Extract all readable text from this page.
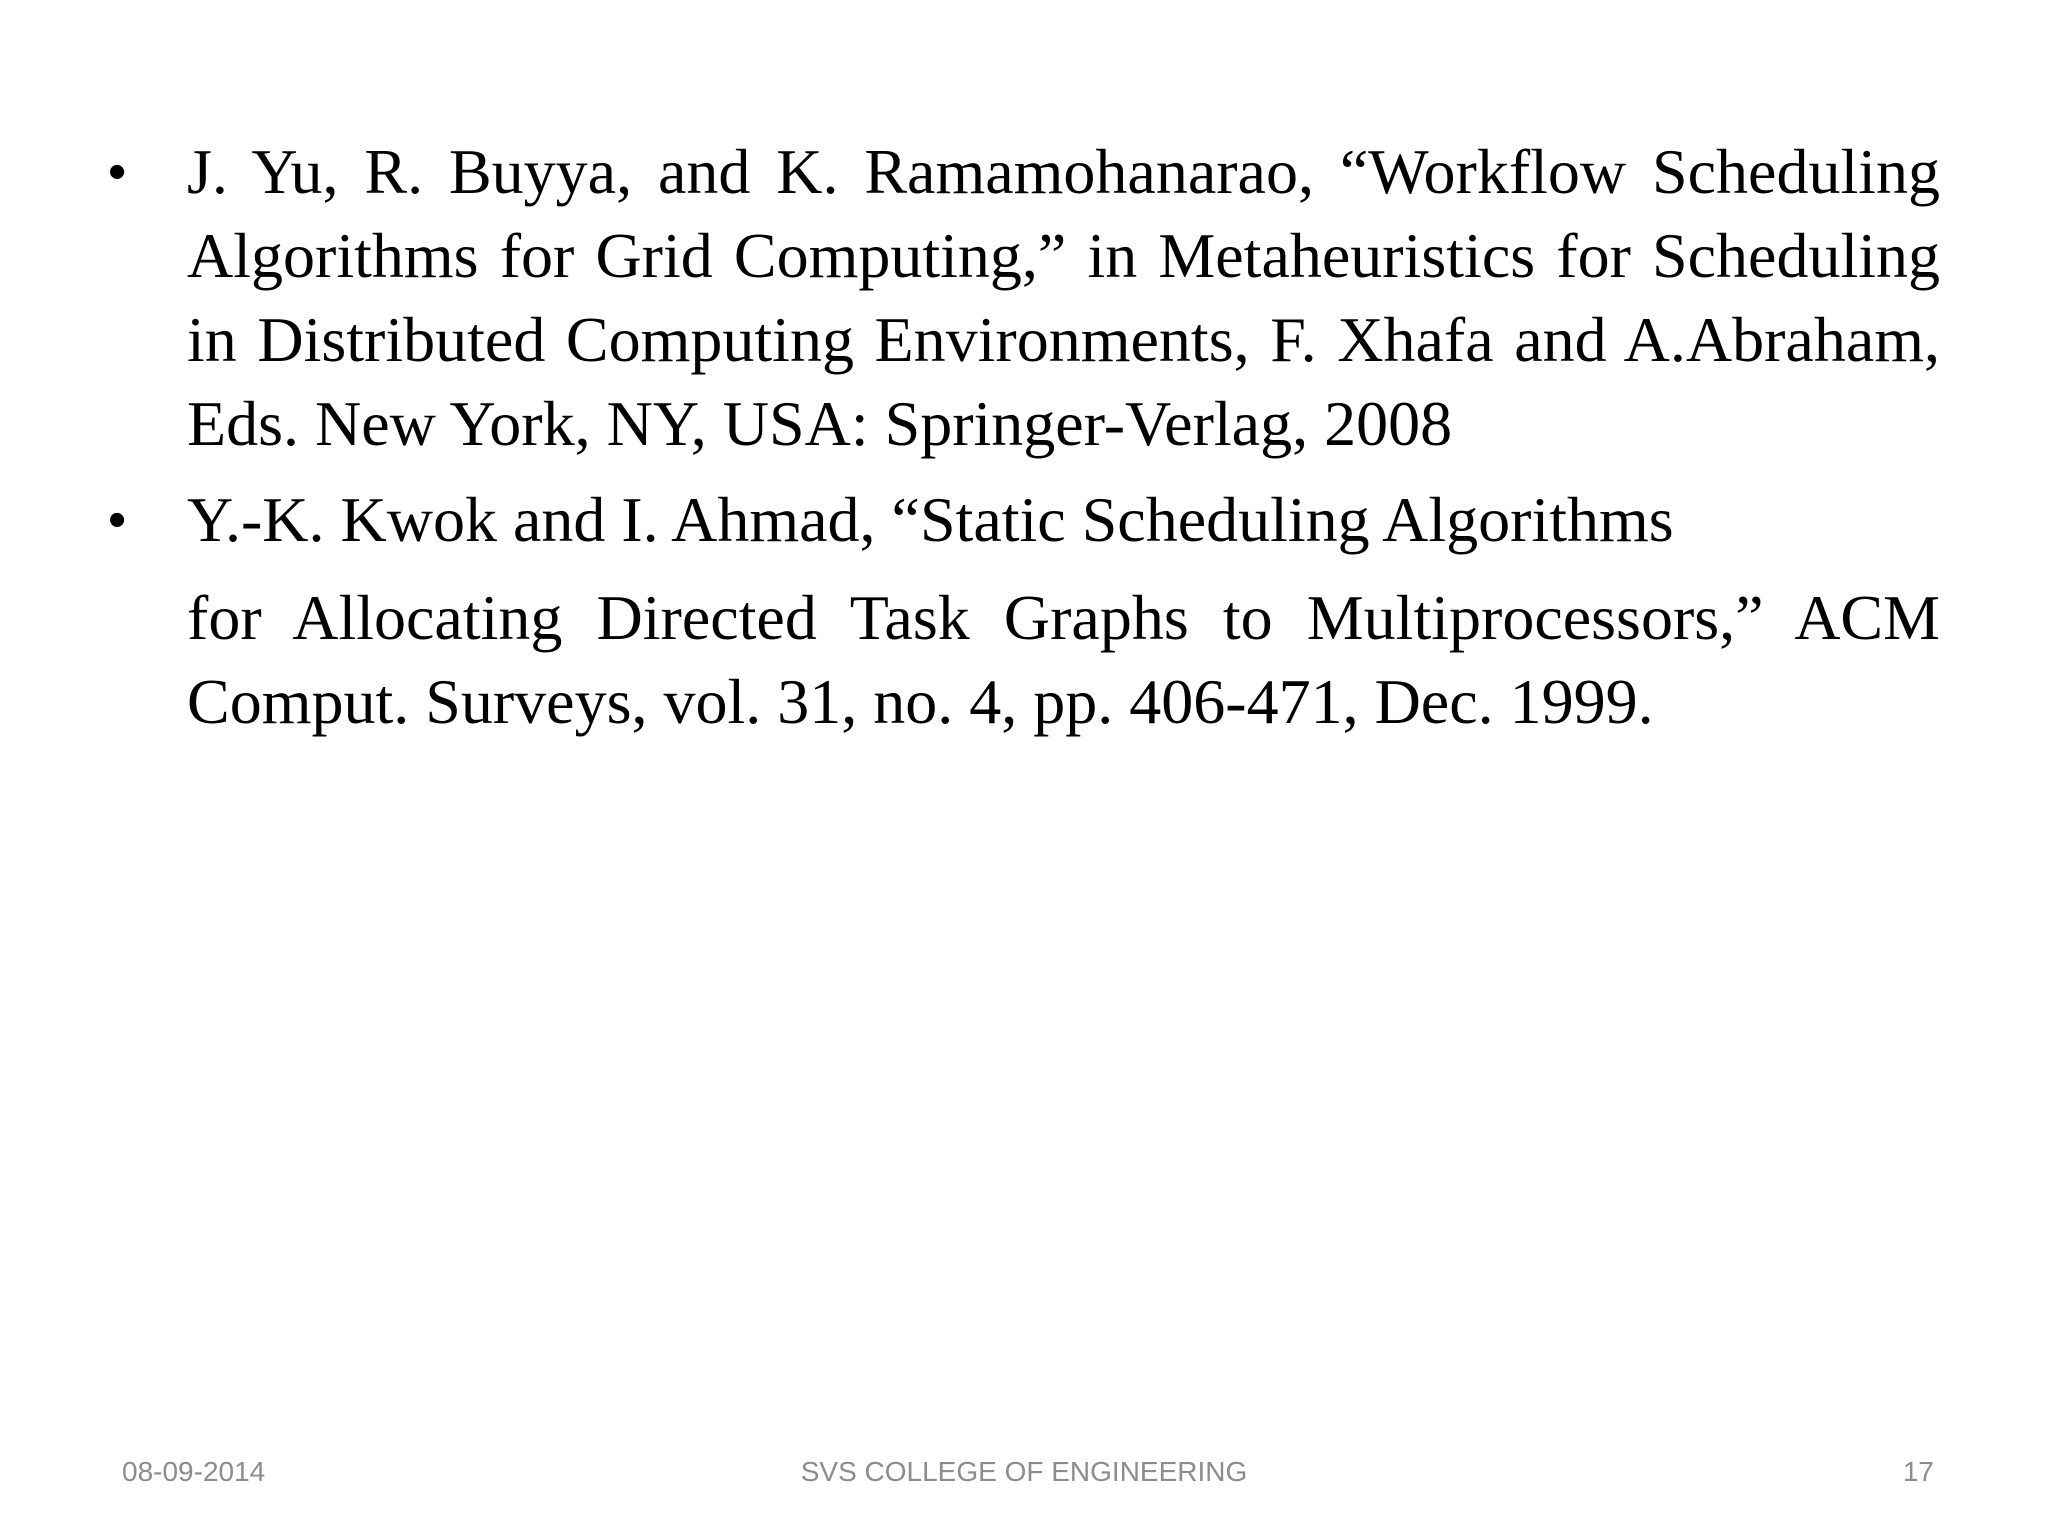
• J. Yu, R. Buyya, and K. Ramamohanarao, “Workflow Scheduling Algorithms for Grid Computing,” in Metaheuristics for Scheduling in Distributed Computing Environments, F. Xhafa and A.Abraham, Eds. New York, NY, USA: Springer-Verlag, 2008
• Y.-K. Kwok and I. Ahmad, “Static Scheduling Algorithms
for Allocating Directed Task Graphs to Multiprocessors,” ACM Comput. Surveys, vol. 31, no. 4, pp. 406-471, Dec. 1999.
08-09-2014	SVS COLLEGE OF ENGINEERING	17
